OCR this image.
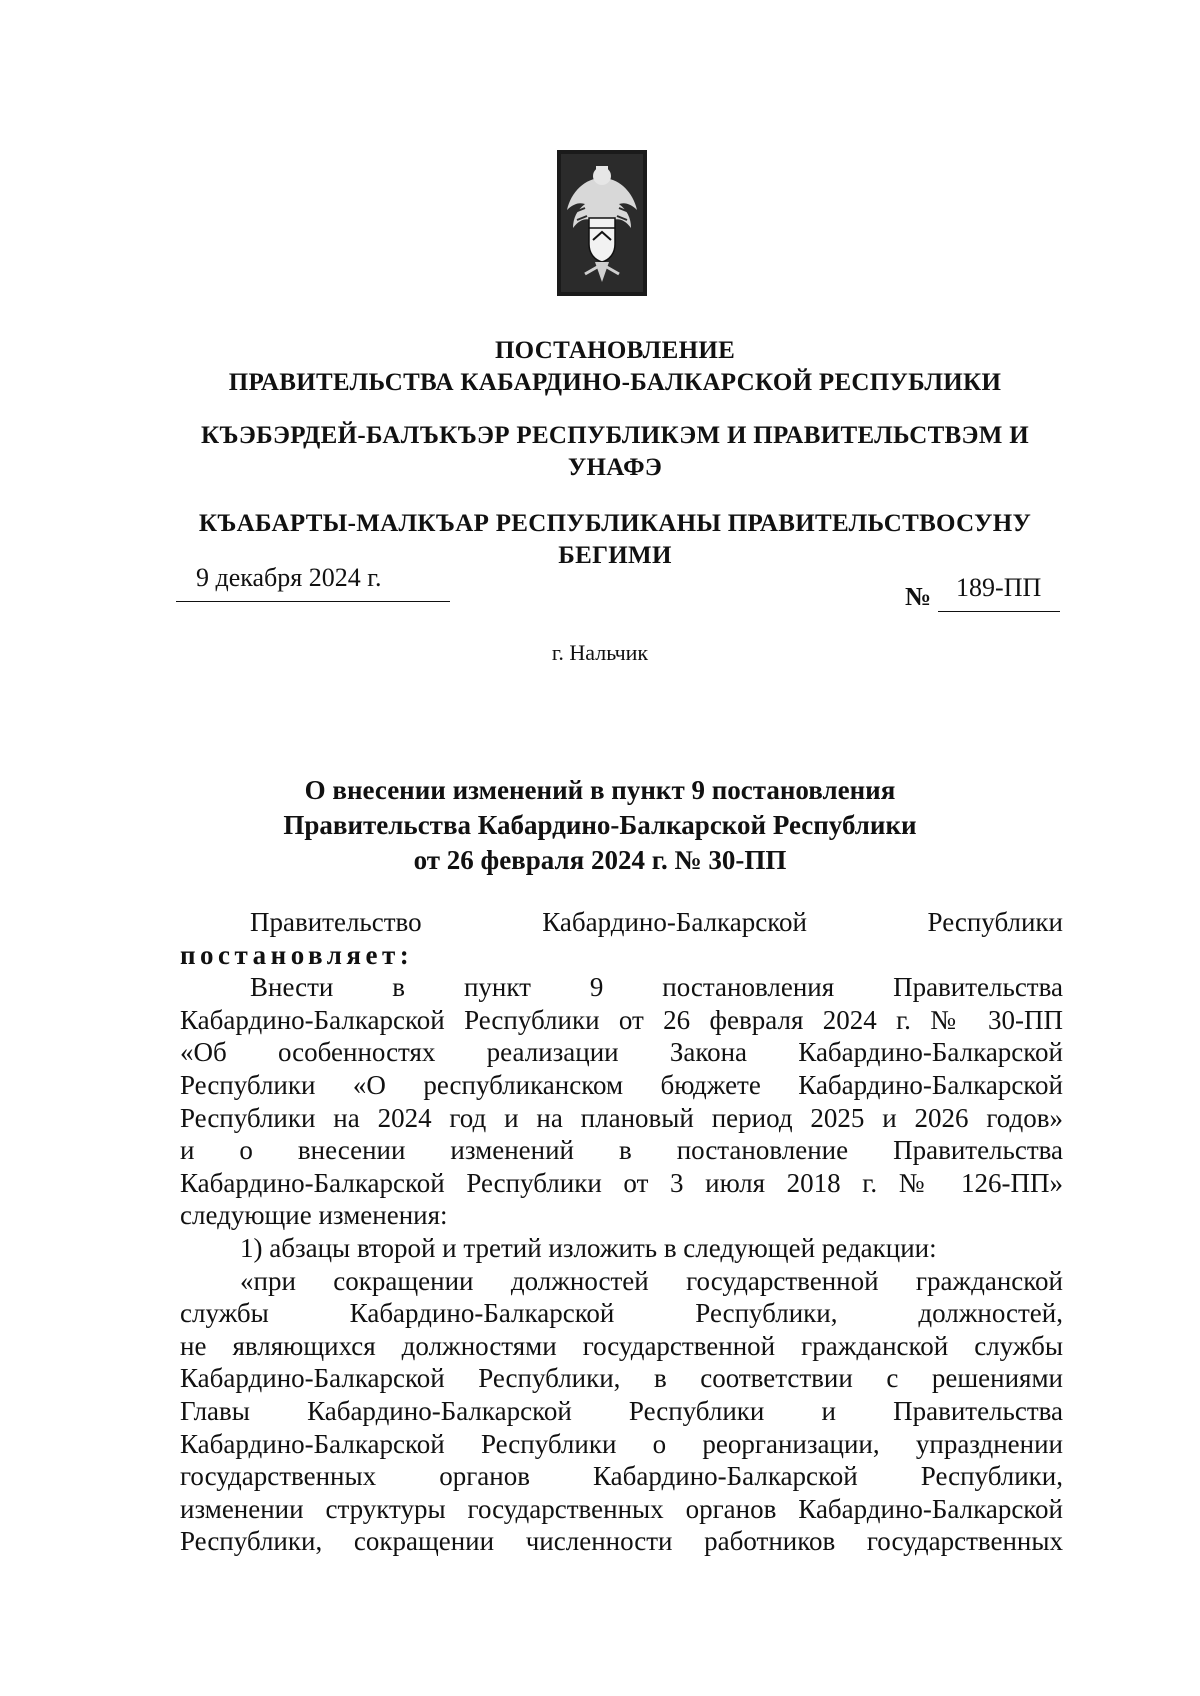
ПОСТАНОВЛЕНИЕ
ПРАВИТЕЛЬСТВА КАБАРДИНО-БАЛКАРСКОЙ РЕСПУБЛИКИ
КЪЭБЭРДЕЙ-БАЛЪКЪЭР РЕСПУБЛИКЭМ И ПРАВИТЕЛЬСТВЭМ И
УНАФЭ
КЪАБАРТЫ-МАЛКЪАР РЕСПУБЛИКАНЫ ПРАВИТЕЛЬСТВОСУНУ
БЕГИМИ
9 декабря 2024 г.
№ 189-ПП
г. Нальчик
О внесении изменений в пункт 9 постановления
Правительства Кабардино-Балкарской Республики
от 26 февраля 2024 г. № 30-ПП
Правительство Кабардино-Балкарской Республики
постановляет:
Внести в пункт 9 постановления Правительства
Кабардино-Балкарской Республики от 26 февраля 2024 г. № 30-ПП
«Об особенностях реализации Закона Кабардино-Балкарской
Республики «О республиканском бюджете Кабардино-Балкарской
Республики на 2024 год и на плановый период 2025 и 2026 годов»
и о внесении изменений в постановление Правительства
Кабардино-Балкарской Республики от 3 июля 2018 г. № 126-ПП»
следующие изменения:
1) абзацы второй и третий изложить в следующей редакции:
«при сокращении должностей государственной гражданской
службы Кабардино-Балкарской Республики, должностей,
не являющихся должностями государственной гражданской службы
Кабардино-Балкарской Республики, в соответствии с решениями
Главы Кабардино-Балкарской Республики и Правительства
Кабардино-Балкарской Республики о реорганизации, упразднении
государственных органов Кабардино-Балкарской Республики,
изменении структуры государственных органов Кабардино-Балкарской
Республики, сокращении численности работников государственных
